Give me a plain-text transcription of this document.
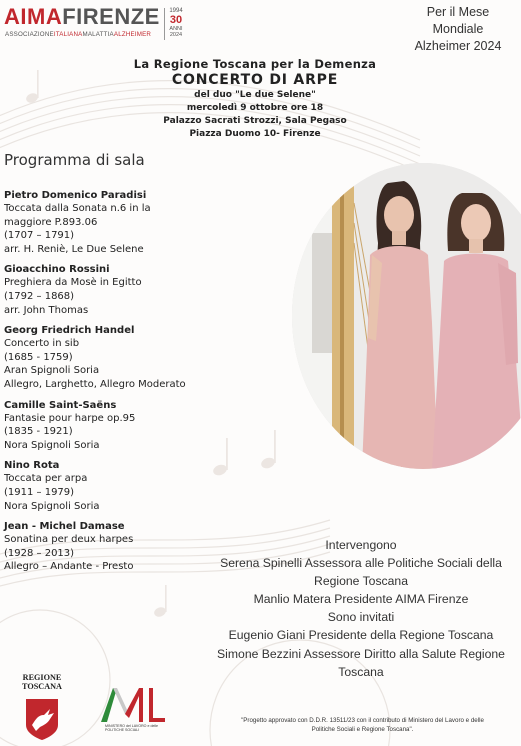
AIMAFIRENZE
ASSOCIAZIONEITALIANAMALATTIAALZHEIMER
1994
30
ANNI
2024
Per il Mese
Mondiale
Alzheimer 2024
La Regione Toscana per la Demenza
CONCERTO DI ARPE
del duo "Le due Selene"
mercoledì 9 ottobre ore 18
Palazzo Sacrati Strozzi, Sala Pegaso
Piazza Duomo 10- Firenze
Programma di sala
Pietro Domenico Paradisi
Toccata dalla Sonata n.6 in la
maggiore P.893.06
(1707 – 1791)
arr. H. Reniè, Le Due Selene
Gioacchino Rossini
Preghiera da Mosè in Egitto
(1792 – 1868)
arr. John Thomas
Georg Friedrich Handel
Concerto in sib
(1685 - 1759)
Aran Spignoli Soria
Allegro, Larghetto, Allegro Moderato
Camille Saint-Saëns
Fantasie pour harpe op.95
(1835 - 1921)
Nora Spignoli Soria
Nino Rota
Toccata per arpa
(1911 – 1979)
Nora Spignoli Soria
Jean - Michel Damase
Sonatina per deux harpes
(1928 – 2013)
Allegro – Andante - Presto
Intervengono
Serena Spinelli Assessora alle Politiche Sociali della
Regione Toscana
Manlio Matera Presidente AIMA Firenze
Sono invitati
Eugenio Giani Presidente della Regione Toscana
Simone Bezzini Assessore Diritto alla Salute Regione
Toscana
REGIONE
TOSCANA
MINISTERO del LAVORO e delle POLITICHE SOCIALI
"Progetto approvato con D.D.R. 13511/23 con il contributo di Ministero del Lavoro e delle
Politiche Sociali e Regione Toscana".
